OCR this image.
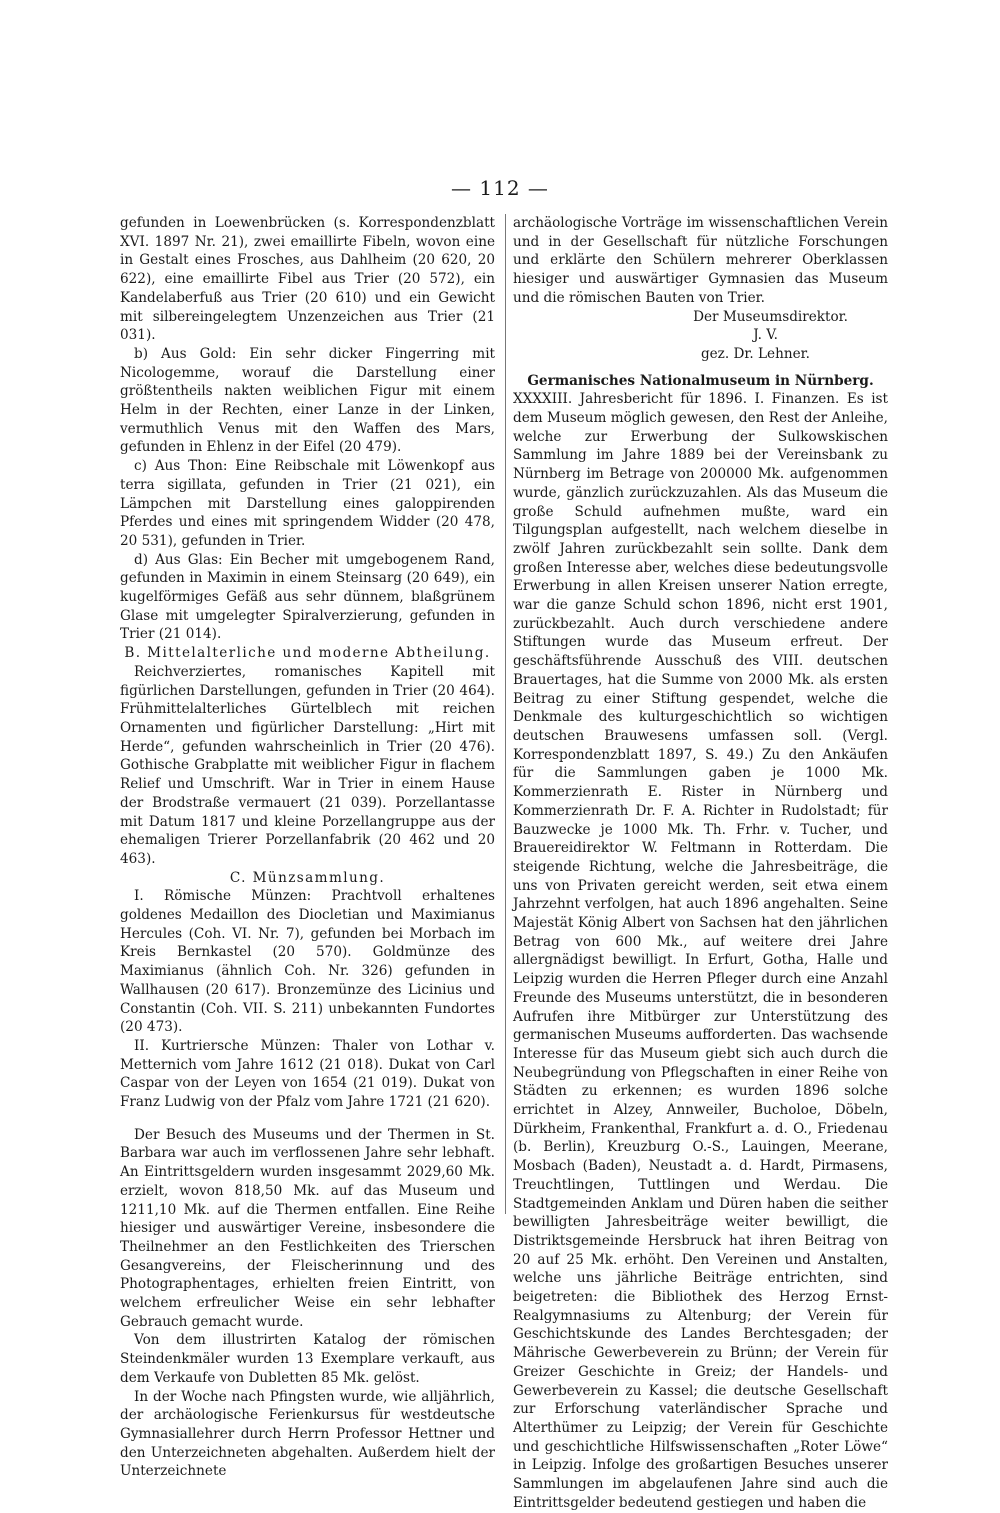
— 112 —

gefunden in Loewenbrücken (s. Korrespondenzblatt XVI. 1897 Nr. 21), zwei emaillirte Fibeln, wovon eine in Gestalt eines Frosches, aus Dahlheim (20 620, 20 622), eine emaillirte Fibel aus Trier (20 572), ein Kandelaberfuß aus Trier (20 610) und ein Gewicht mit silbereingelegtem Unzenzeichen aus Trier (21 031).

b) Aus Gold: Ein sehr dicker Fingerring mit Nicologemme, worauf die Darstellung einer größtentheils nakten weiblichen Figur mit einem Helm in der Rechten, einer Lanze in der Linken, vermuthlich Venus mit den Waffen des Mars, gefunden in Ehlenz in der Eifel (20 479).

c) Aus Thon: Eine Reibschale mit Löwenkopf aus terra sigillata, gefunden in Trier (21 021), ein Lämpchen mit Darstellung eines galoppirenden Pferdes und eines mit springendem Widder (20 478, 20 531), gefunden in Trier.

d) Aus Glas: Ein Becher mit umgebogenem Rand, gefunden in Maximin in einem Steinsarg (20 649), ein kugelförmiges Gefäß aus sehr dünnem, blaßgrünem Glase mit umgelegter Spiralverzierung, gefunden in Trier (21 014).

B. Mittelalterliche und moderne Abtheilung.

Reichverziertes, romanisches Kapitell mit figürlichen Darstellungen, gefunden in Trier (20 464). Frühmittelalterliches Gürtelblech mit reichen Ornamenten und figürlicher Darstellung: „Hirt mit Herde“, gefunden wahrscheinlich in Trier (20 476). Gothische Grabplatte mit weiblicher Figur in flachem Relief und Umschrift. War in Trier in einem Hause der Brodstraße vermauert (21 039). Porzellantasse mit Datum 1817 und kleine Porzellangruppe aus der ehemaligen Trierer Porzellanfabrik (20 462 und 20 463).

C. Münzsammlung.

I. Römische Münzen: Prachtvoll erhaltenes goldenes Medaillon des Diocletian und Maximianus Hercules (Coh. VI. Nr. 7), gefunden bei Morbach im Kreis Bernkastel (20 570). Goldmünze des Maximianus (ähnlich Coh. Nr. 326) gefunden in Wallhausen (20 617). Bronzemünze des Licinius und Constantin (Coh. VII. S. 211) unbekannten Fundortes (20 473).

II. Kurtriersche Münzen: Thaler von Lothar v. Metternich vom Jahre 1612 (21 018). Dukat von Carl Caspar von der Leyen von 1654 (21 019). Dukat von Franz Ludwig von der Pfalz vom Jahre 1721 (21 620).

Der Besuch des Museums und der Thermen in St. Barbara war auch im verflossenen Jahre sehr lebhaft. An Eintrittsgeldern wurden insgesammt 2029,60 Mk. erzielt, wovon 818,50 Mk. auf das Museum und 1211,10 Mk. auf die Thermen entfallen. Eine Reihe hiesiger und auswärtiger Vereine, insbesondere die Theilnehmer an den Festlichkeiten des Trierschen Gesangvereins, der Fleischerinnung und des Photographentages, erhielten freien Eintritt, von welchem erfreulicher Weise ein sehr lebhafter Gebrauch gemacht wurde.

Von dem illustrirten Katalog der römischen Steindenkmäler wurden 13 Exemplare verkauft, aus dem Verkaufe von Dubletten 85 Mk. gelöst.

In der Woche nach Pfingsten wurde, wie alljährlich, der archäologische Ferienkursus für westdeutsche Gymnasiallehrer durch Herrn Professor Hettner und den Unterzeichneten abgehalten. Außerdem hielt der Unterzeichnete

archäologische Vorträge im wissenschaftlichen Verein und in der Gesellschaft für nützliche Forschungen und erklärte den Schülern mehrerer Oberklassen hiesiger und auswärtiger Gymnasien das Museum und die römischen Bauten von Trier.

Der Museumsdirektor.

J. V.

gez. Dr. Lehner.

Germanisches Nationalmuseum in Nürnberg.

XXXXIII. Jahresbericht für 1896. I. Finanzen. Es ist dem Museum möglich gewesen, den Rest der Anleihe, welche zur Erwerbung der Sulkowskischen Sammlung im Jahre 1889 bei der Vereinsbank zu Nürnberg im Betrage von 200000 Mk. aufgenommen wurde, gänzlich zurückzuzahlen. Als das Museum die große Schuld aufnehmen mußte, ward ein Tilgungsplan aufgestellt, nach welchem dieselbe in zwölf Jahren zurückbezahlt sein sollte. Dank dem großen Interesse aber, welches diese bedeutungsvolle Erwerbung in allen Kreisen unserer Nation erregte, war die ganze Schuld schon 1896, nicht erst 1901, zurückbezahlt. Auch durch verschiedene andere Stiftungen wurde das Museum erfreut. Der geschäftsführende Ausschuß des VIII. deutschen Brauertages, hat die Summe von 2000 Mk. als ersten Beitrag zu einer Stiftung gespendet, welche die Denkmale des kulturgeschichtlich so wichtigen deutschen Brauwesens umfassen soll. (Vergl. Korrespondenzblatt 1897, S. 49.) Zu den Ankäufen für die Sammlungen gaben je 1000 Mk. Kommerzienrath E. Rister in Nürnberg und Kommerzienrath Dr. F. A. Richter in Rudolstadt; für Bauzwecke je 1000 Mk. Th. Frhr. v. Tucher, und Brauereidirektor W. Feltmann in Rotterdam. Die steigende Richtung, welche die Jahresbeiträge, die uns von Privaten gereicht werden, seit etwa einem Jahrzehnt verfolgen, hat auch 1896 angehalten. Seine Majestät König Albert von Sachsen hat den jährlichen Betrag von 600 Mk., auf weitere drei Jahre allergnädigst bewilligt. In Erfurt, Gotha, Halle und Leipzig wurden die Herren Pfleger durch eine Anzahl Freunde des Museums unterstützt, die in besonderen Aufrufen ihre Mitbürger zur Unterstützung des germanischen Museums aufforderten. Das wachsende Interesse für das Museum giebt sich auch durch die Neubegründung von Pflegschaften in einer Reihe von Städten zu erkennen; es wurden 1896 solche errichtet in Alzey, Annweiler, Bucholoe, Döbeln, Dürkheim, Frankenthal, Frankfurt a. d. O., Friedenau (b. Berlin), Kreuzburg O.-S., Lauingen, Meerane, Mosbach (Baden), Neustadt a. d. Hardt, Pirmasens, Treuchtlingen, Tuttlingen und Werdau. Die Stadtgemeinden Anklam und Düren haben die seither bewilligten Jahresbeiträge weiter bewilligt, die Distriktsgemeinde Hersbruck hat ihren Beitrag von 20 auf 25 Mk. erhöht. Den Vereinen und Anstalten, welche uns jährliche Beiträge entrichten, sind beigetreten: die Bibliothek des Herzog Ernst-Realgymnasiums zu Altenburg; der Verein für Geschichtskunde des Landes Berchtesgaden; der Mährische Gewerbeverein zu Brünn; der Verein für Greizer Geschichte in Greiz; der Handels- und Gewerbeverein zu Kassel; die deutsche Gesellschaft zur Erforschung vaterländischer Sprache und Alterthümer zu Leipzig; der Verein für Geschichte und geschichtliche Hilfswissenschaften „Roter Löwe“ in Leipzig. Infolge des großartigen Besuches unserer Sammlungen im abgelaufenen Jahre sind auch die Eintrittsgelder bedeutend gestiegen und haben die
